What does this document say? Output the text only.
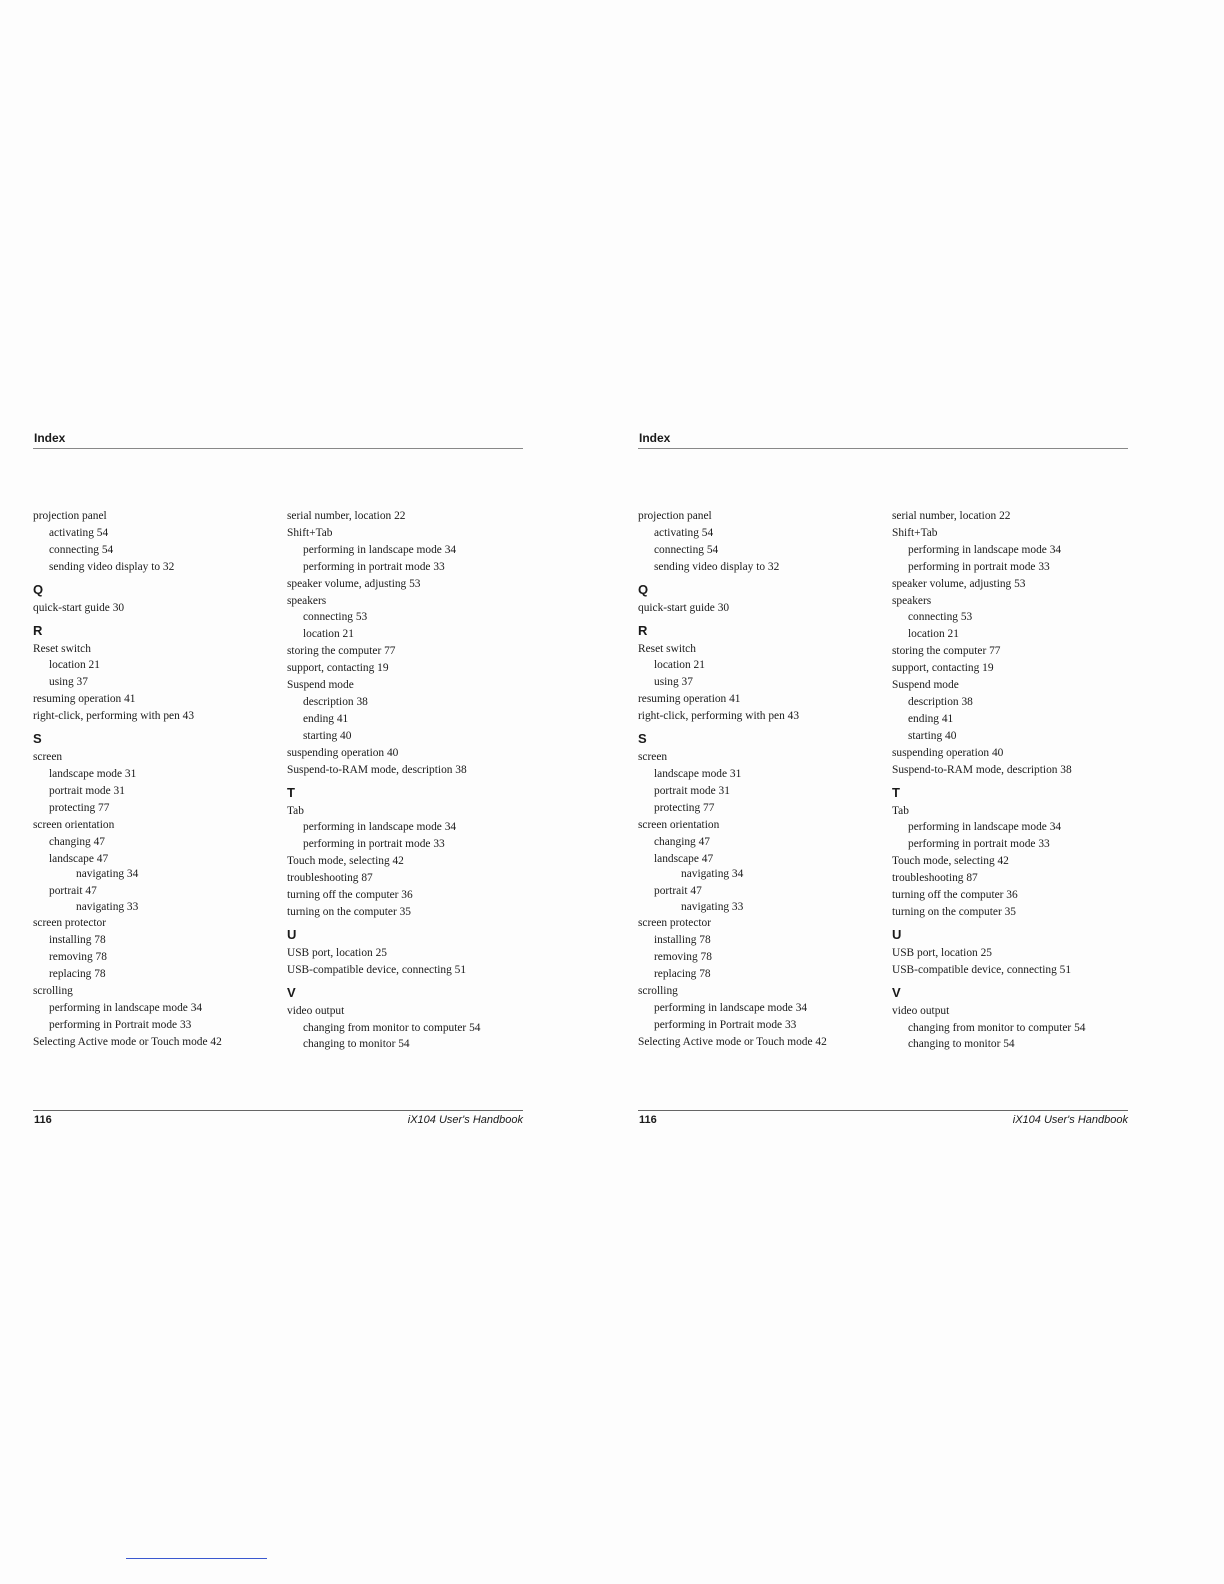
Index
projection panel
activating 54
connecting 54
sending video display to 32
Q
quick-start guide 30
R
Reset switch
location 21
using 37
resuming operation 41
right-click, performing with pen 43
S
screen
landscape mode 31
portrait mode 31
protecting 77
screen orientation
changing 47
landscape 47
navigating 34
portrait 47
navigating 33
screen protector
installing 78
removing 78
replacing 78
scrolling
performing in landscape mode 34
performing in Portrait mode 33
Selecting Active mode or Touch mode 42
serial number, location 22
Shift+Tab
performing in landscape mode 34
performing in portrait mode 33
speaker volume, adjusting 53
speakers
connecting 53
location 21
storing the computer 77
support, contacting 19
Suspend mode
description 38
ending 41
starting 40
suspending operation 40
Suspend-to-RAM mode, description 38
T
Tab
performing in landscape mode 34
performing in portrait mode 33
Touch mode, selecting 42
troubleshooting 87
turning off the computer 36
turning on the computer 35
U
USB port, location 25
USB-compatible device, connecting 51
V
video output
changing from monitor to computer 54
changing to monitor 54
116	iX104 User's Handbook
Index
projection panel
activating 54
connecting 54
sending video display to 32
Q
quick-start guide 30
R
Reset switch
location 21
using 37
resuming operation 41
right-click, performing with pen 43
S
screen
landscape mode 31
portrait mode 31
protecting 77
screen orientation
changing 47
landscape 47
navigating 34
portrait 47
navigating 33
screen protector
installing 78
removing 78
replacing 78
scrolling
performing in landscape mode 34
performing in Portrait mode 33
Selecting Active mode or Touch mode 42
serial number, location 22
Shift+Tab
performing in landscape mode 34
performing in portrait mode 33
speaker volume, adjusting 53
speakers
connecting 53
location 21
storing the computer 77
support, contacting 19
Suspend mode
description 38
ending 41
starting 40
suspending operation 40
Suspend-to-RAM mode, description 38
T
Tab
performing in landscape mode 34
performing in portrait mode 33
Touch mode, selecting 42
troubleshooting 87
turning off the computer 36
turning on the computer 35
U
USB port, location 25
USB-compatible device, connecting 51
V
video output
changing from monitor to computer 54
changing to monitor 54
116	iX104 User's Handbook
